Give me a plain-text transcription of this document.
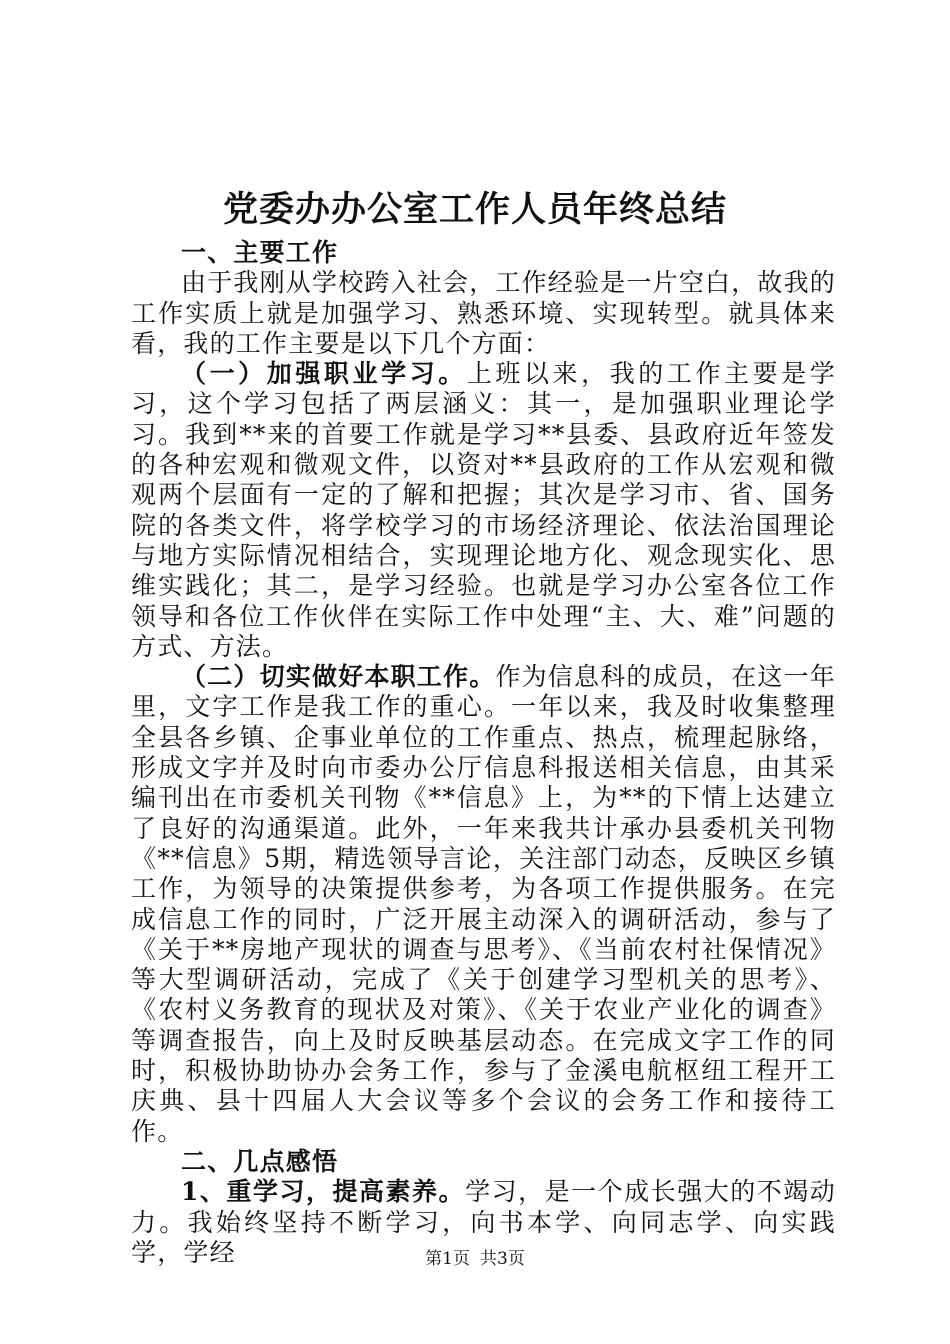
党委办办公室工作人员年终总结
一、主要工作

由于我刚从学校跨入社会，工作经验是一片空白，故我的工作实质上就是加强学习、熟悉环境、实现转型。就具体来看，我的工作主要是以下几个方面：

（一）加强职业学习。上班以来，我的工作主要是学习，这个学习包括了两层涵义：其一，是加强职业理论学习。我到**来的首要工作就是学习**县委、县政府近年签发的各种宏观和微观文件，以资对**县政府的工作从宏观和微观两个层面有一定的了解和把握；其次是学习市、省、国务院的各类文件，将学校学习的市场经济理论、依法治国理论与地方实际情况相结合，实现理论地方化、观念现实化、思维实践化；其二，是学习经验。也就是学习办公室各位工作领导和各位工作伙伴在实际工作中处理“主、大、难”问题的方式、方法。

（二）切实做好本职工作。作为信息科的成员，在这一年里，文字工作是我工作的重心。一年以来，我及时收集整理全县各乡镇、企事业单位的工作重点、热点，梳理起脉络，形成文字并及时向市委办公厅信息科报送相关信息，由其采编刊出在市委机关刊物《**信息》上，为**的下情上达建立了良好的沟通渠道。此外，一年来我共计承办县委机关刊物《**信息》5期，精选领导言论，关注部门动态，反映区乡镇工作，为领导的决策提供参考，为各项工作提供服务。在完成信息工作的同时，广泛开展主动深入的调研活动，参与了《关于**房地产现状的调查与思考》、《当前农村社保情况》等大型调研活动，完成了《关于创建学习型机关的思考》、《农村义务教育的现状及对策》、《关于农业产业化的调查》等调查报告，向上及时反映基层动态。在完成文字工作的同时，积极协助协办会务工作，参与了金溪电航枢纽工程开工庆典、县十四届人大会议等多个会议的会务工作和接待工作。

二、几点感悟

1、重学习，提高素养。学习，是一个成长强大的不竭动力。我始终坚持不断学习，向书本学、向同志学、向实践学，学经	第1页 共3页
